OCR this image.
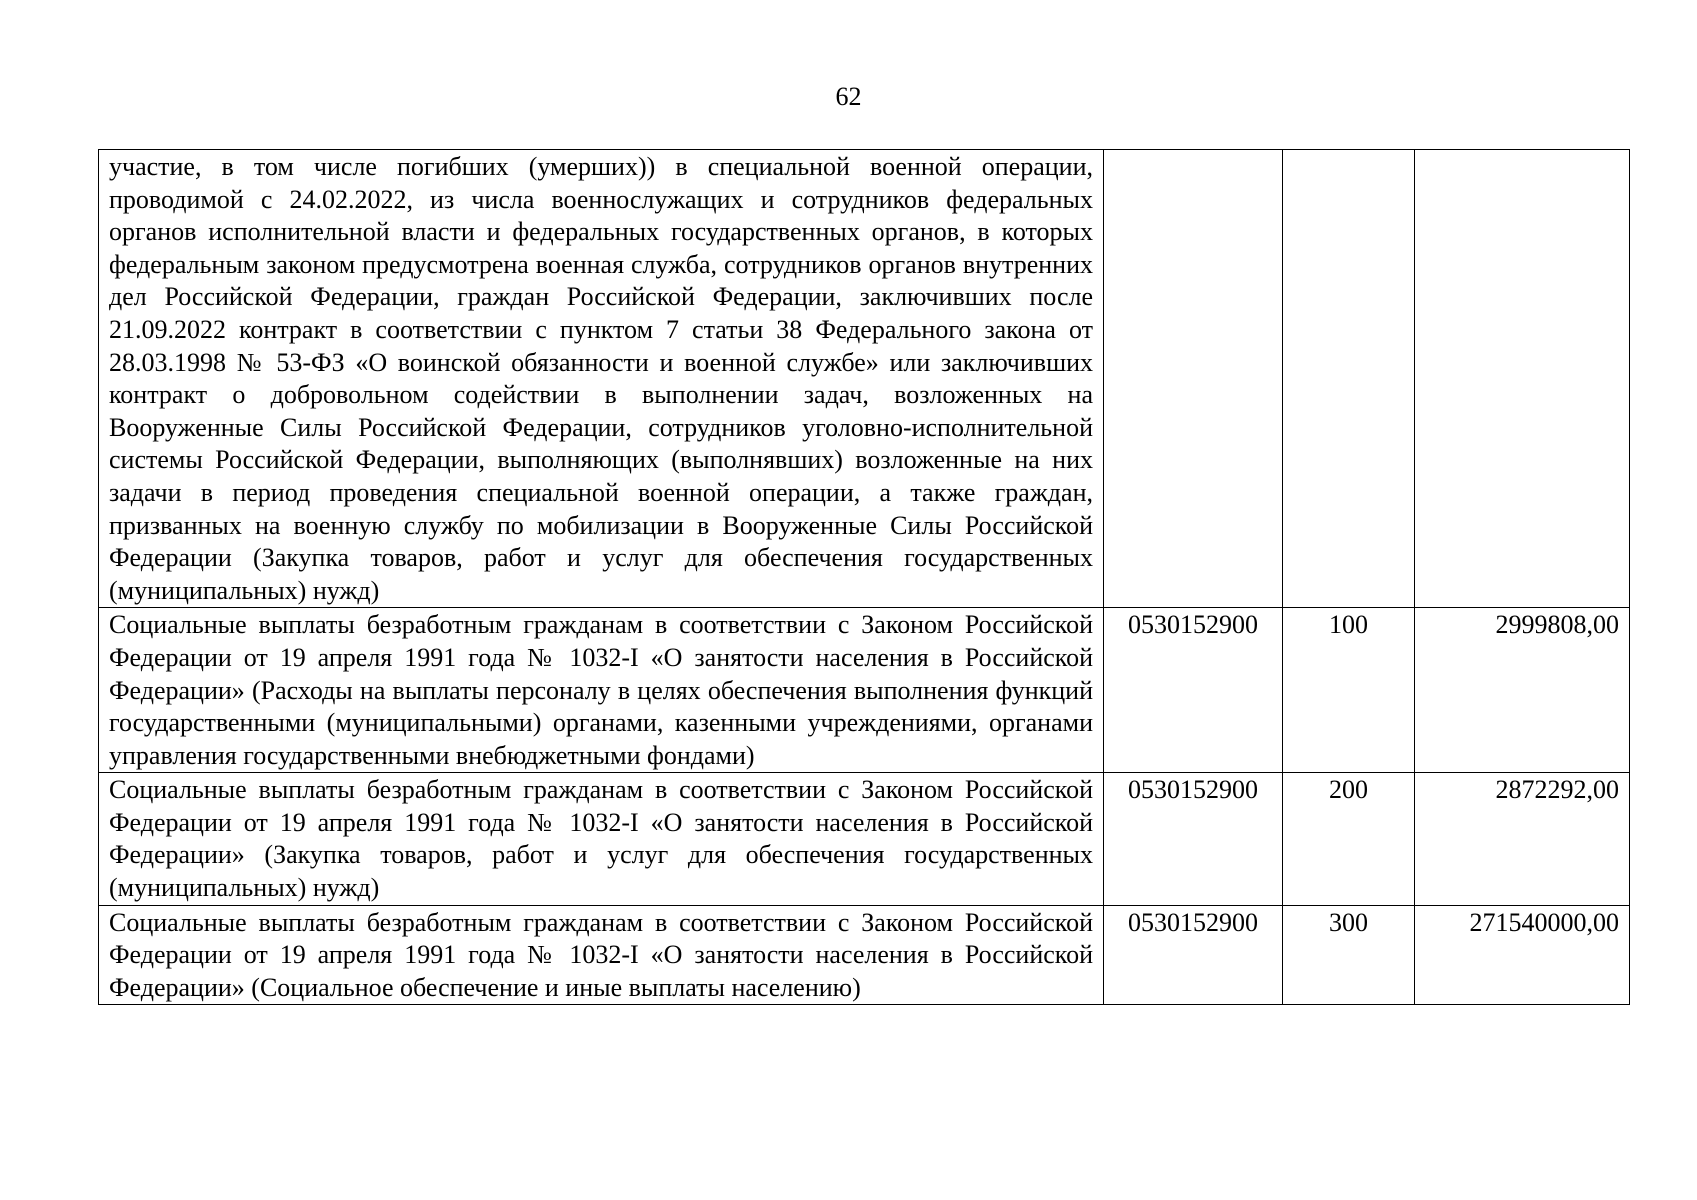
62
участие, в том числе погибших (умерших)) в специальной военной операции, проводимой с 24.02.2022, из числа военнослужащих и сотрудников федеральных органов исполнительной власти и федеральных государственных органов, в которых федеральным законом предусмотрена военная служба, сотрудников органов внутренних дел Российской Федерации, граждан Российской Федерации, заключивших после 21.09.2022 контракт в соответствии с пунктом 7 статьи 38 Федерального закона от 28.03.1998 № 53-ФЗ «О воинской обязанности и военной службе» или заключивших контракт о добровольном содействии в выполнении задач, возложенных на Вооруженные Силы Российской Федерации, сотрудников уголовно-исполнительной системы Российской Федерации, выполняющих (выполнявших) возложенные на них задачи в период проведения специальной военной операции, а также граждан, призванных на военную службу по мобилизации в Вооруженные Силы Российской Федерации (Закупка товаров, работ и услуг для обеспечения государственных (муниципальных) нужд)			
Социальные выплаты безработным гражданам в соответствии с Законом Российской Федерации от 19 апреля 1991 года № 1032-I «О занятости населения в Российской Федерации» (Расходы на выплаты персоналу в целях обеспечения выполнения функций государственными (муниципальными) органами, казенными учреждениями, органами управления государственными внебюджетными фондами)	0530152900	100	2999808,00
Социальные выплаты безработным гражданам в соответствии с Законом Российской Федерации от 19 апреля 1991 года № 1032-I «О занятости населения в Российской Федерации» (Закупка товаров, работ и услуг для обеспечения государственных (муниципальных) нужд)	0530152900	200	2872292,00
Социальные выплаты безработным гражданам в соответствии с Законом Российской Федерации от 19 апреля 1991 года № 1032-I «О занятости населения в Российской Федерации» (Социальное обеспечение и иные выплаты населению)	0530152900	300	271540000,00
